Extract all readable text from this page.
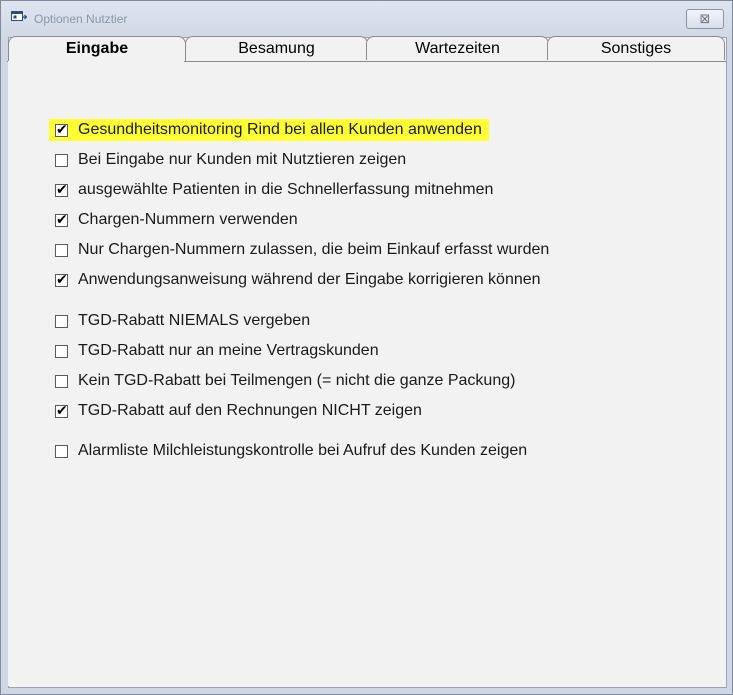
Optionen Nutztier	⊠
Eingabe	Besamung	Wartezeiten	Sonstiges
✔ Gesundheitsmonitoring Rind bei allen Kunden anwenden
Bei Eingabe nur Kunden mit Nutztieren zeigen
✔ ausgewählte Patienten in die Schnellerfassung mitnehmen
✔ Chargen-Nummern verwenden
Nur Chargen-Nummern zulassen, die beim Einkauf erfasst wurden
✔ Anwendungsanweisung während der Eingabe korrigieren können
TGD-Rabatt NIEMALS vergeben
TGD-Rabatt nur an meine Vertragskunden
Kein TGD-Rabatt bei Teilmengen (= nicht die ganze Packung)
✔ TGD-Rabatt auf den Rechnungen NICHT zeigen
Alarmliste Milchleistungskontrolle bei Aufruf des Kunden zeigen
